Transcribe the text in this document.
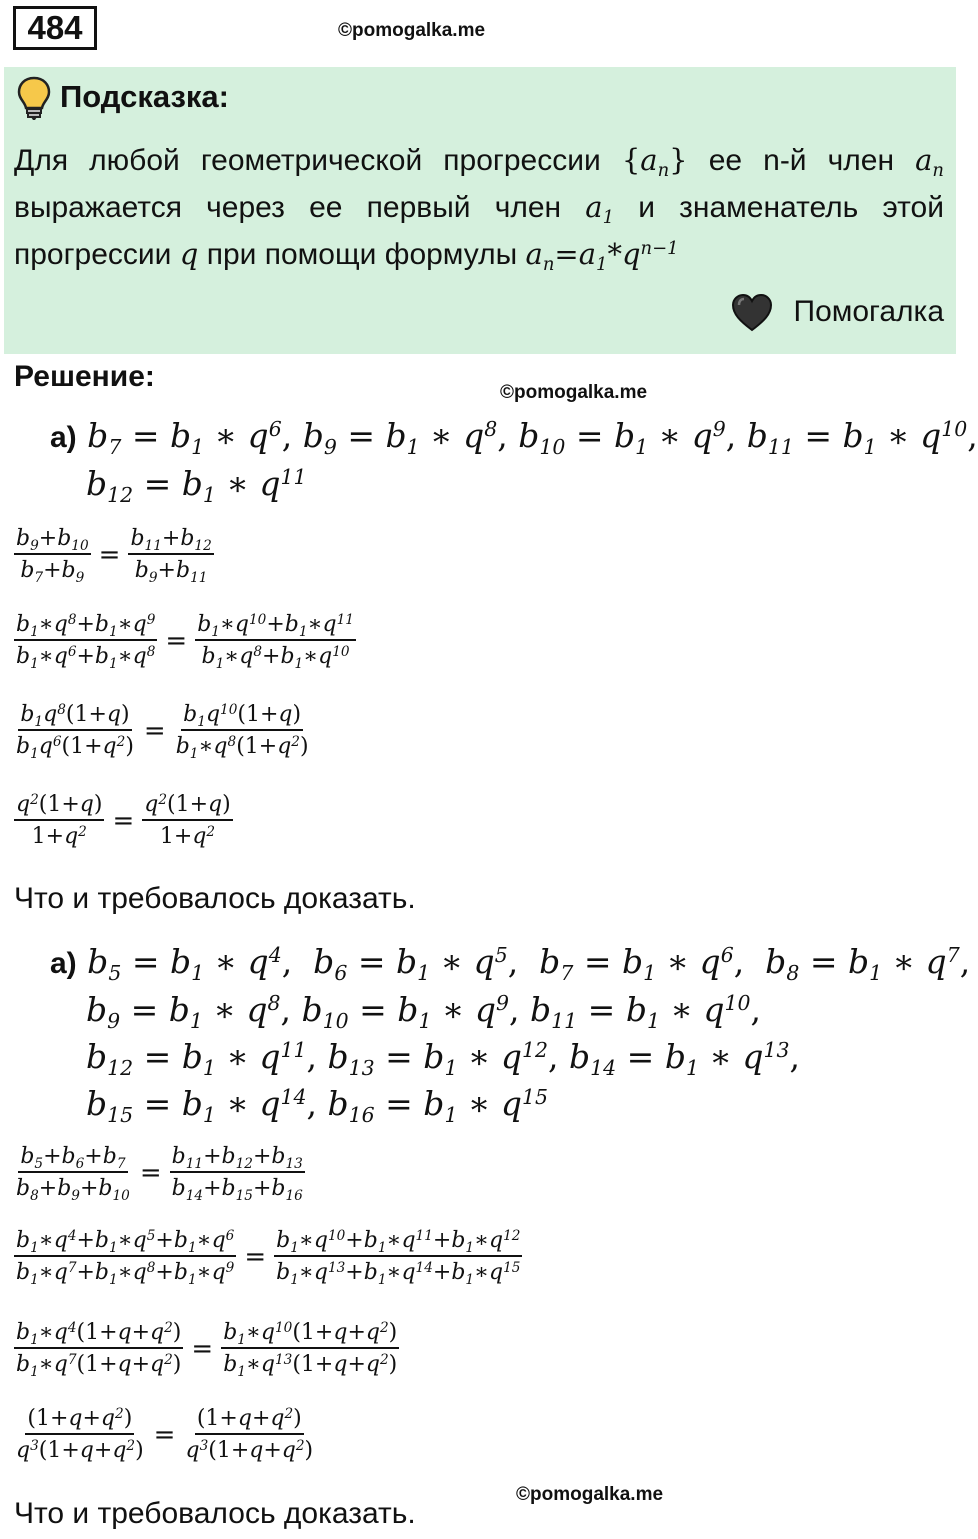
484	©pomogalka.me
Подсказка:
Для любой геометрической прогрессии $\{a_n\}$ ее n-й член $a_n$ выражается через ее первый член $a_1$ и знаменатель этой прогрессии q при помощи формулы $a_n=a_1*q^{n-1}$
Помогалка
Решение:	©pomogalka.me
а) $b_7 = b_1$ ∗ $q^6$, $b_9 = b_1$ ∗ $q^8$, $b_{10} = b_1$ ∗ $q^9$, $b_{11} = b_1$ ∗ $q^{10}$,
$b_{12} = b_1$ ∗ $q^{11}$
$\frac{b_9+b_{10}}{b_7+b_9} = \frac{b_{11}+b_{12}}{b_9+b_{11}}$
$\frac{b_1∗q^8+b_1∗q^9}{b_1∗q^6+b_1∗q^8} = \frac{b_1∗q^{10}+b_1∗q^{11}}{b_1∗q^8+b_1∗q^{10}}$
$\frac{b_1q^8(1+q)}{b_1q^6(1+q^2)} = \frac{b_1q^{10}(1+q)}{b_1∗q^8(1+q^2)}$
$\frac{q^2(1+q)}{1+q^2} = \frac{q^2(1+q)}{1+q^2}$
Что и требовалось доказать.
а) $b_5 = b_1$ ∗ $q^4$,  $b_6 = b_1$ ∗ $q^5$,  $b_7 = b_1$ ∗ $q^6$,  $b_8 = b_1$ ∗ $q^7$,
$b_9 = b_1$ ∗ $q^8$, $b_{10} = b_1$ ∗ $q^9$, $b_{11} = b_1$ ∗ $q^{10}$,
$b_{12} = b_1$ ∗ $q^{11}$, $b_{13} = b_1$ ∗ $q^{12}$, $b_{14} = b_1$ ∗ $q^{13}$,
$b_{15} = b_1$ ∗ $q^{14}$, $b_{16} = b_1$ ∗ $q^{15}$
$\frac{b_5+b_6+b_7}{b_8+b_9+b_{10}} = \frac{b_{11}+b_{12}+b_{13}}{b_{14}+b_{15}+b_{16}}$
$\frac{b_1∗q^4+b_1∗q^5+b_1∗q^6}{b_1∗q^7+b_1∗q^8+b_1∗q^9} = \frac{b_1∗q^{10}+b_1∗q^{11}+b_1∗q^{12}}{b_1∗q^{13}+b_1∗q^{14}+b_1∗q^{15}}$
$\frac{b_1∗q^4(1+q+q^2)}{b_1∗q^7(1+q+q^2)} = \frac{b_1∗q^{10}(1+q+q^2)}{b_1∗q^{13}(1+q+q^2)}$
$\frac{(1+q+q^2)}{q^3(1+q+q^2)} = \frac{(1+q+q^2)}{q^3(1+q+q^2)}$
Что и требовалось доказать.
©pomogalka.me
